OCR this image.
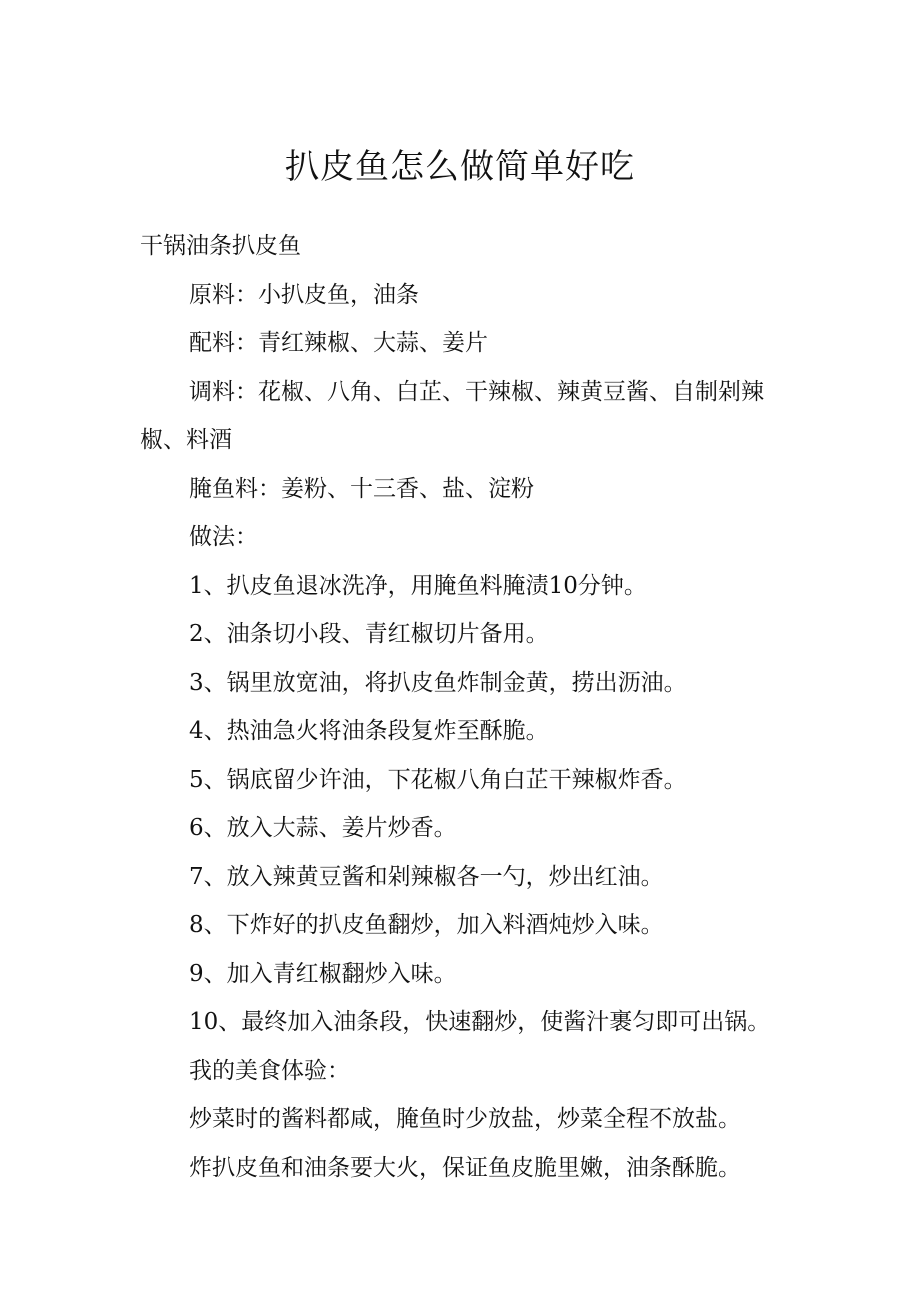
扒皮鱼怎么做简单好吃

干锅油条扒皮鱼

原料：小扒皮鱼，油条

配料：青红辣椒、大蒜、姜片

调料：花椒、八角、白芷、干辣椒、辣黄豆酱、自制剁辣椒、料酒

腌鱼料：姜粉、十三香、盐、淀粉

做法：

1、扒皮鱼退冰洗净，用腌鱼料腌渍10分钟。

2、油条切小段、青红椒切片备用。

3、锅里放宽油，将扒皮鱼炸制金黄，捞出沥油。

4、热油急火将油条段复炸至酥脆。

5、锅底留少许油，下花椒八角白芷干辣椒炸香。

6、放入大蒜、姜片炒香。

7、放入辣黄豆酱和剁辣椒各一勺，炒出红油。

8、下炸好的扒皮鱼翻炒，加入料酒炖炒入味。

9、加入青红椒翻炒入味。

10、最终加入油条段，快速翻炒，使酱汁裹匀即可出锅。

我的美食体验：

炒菜时的酱料都咸，腌鱼时少放盐，炒菜全程不放盐。

炸扒皮鱼和油条要大火，保证鱼皮脆里嫩，油条酥脆。
